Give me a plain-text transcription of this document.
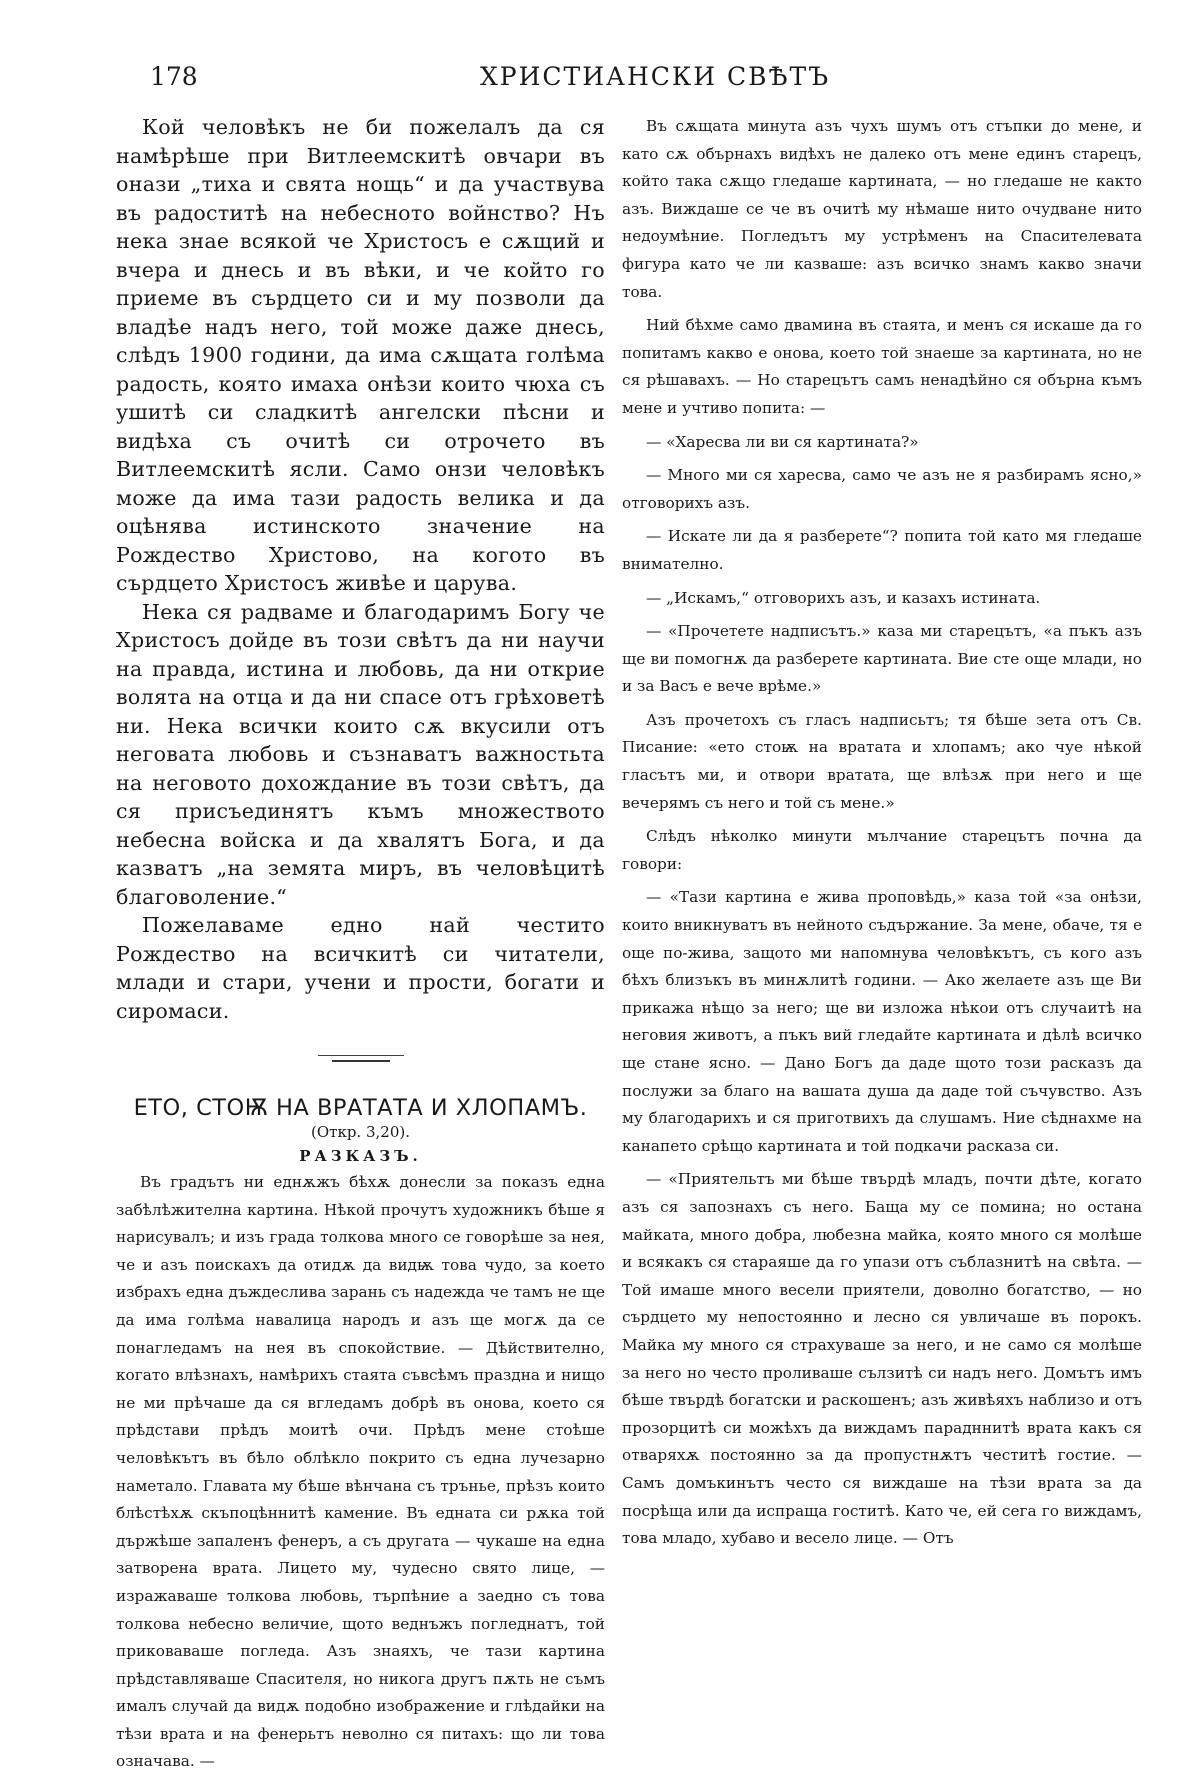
178	ХРИСТИАНСКИ СВѢТЪ

Кой человѣкъ не би пожелалъ да ся намѣрѣше при Витлеемскитѣ овчари въ онази „тиха и свята нощь“ и да участвува въ радоститѣ на небесното войнство? Нъ нека знае всякой че Христосъ е сѫщий и вчера и днесь и въ вѣки, и че който го приеме въ сърдцето си и му позволи да владѣе надъ него, той може даже днесь, слѣдъ 1900 години, да има сѫщата голѣма радость, която имаха онѣзи които чюха съ ушитѣ си сладкитѣ ангелски пѣсни и видѣха съ очитѣ си отрочето въ Витлеемскитѣ ясли. Само онзи человѣкъ може да има тази радость велика и да оцѣнява истинското значение на Рождество Христово, на когото въ сърдцето Христосъ живѣе и царува.

Нека ся радваме и благодаримъ Богу че Христосъ дойде въ този свѣтъ да ни научи на правда, истина и любовь, да ни открие волята на отца и да ни спасе отъ грѣховетѣ ни. Нека всички които сѫ вкусили отъ неговата любовь и съзнаватъ важностьта на неговото дохождание въ този свѣтъ, да ся присъединятъ къмъ множеството небесна войска и да хвалятъ Бога, и да казватъ „на земята миръ, въ человѣцитѣ благоволение.“

Пожелаваме едно най честито Рождество на всичкитѣ си читатели, млади и стари, учени и прости, богати и сиромаси.

ЕТО, СТОѬ НА ВРАТАТА И ХЛОПАМЪ.
(Откр. 3,20).
РАЗКАЗЪ.

Въ градътъ ни еднѫжъ бѣхѫ донесли за показъ една забѣлѣжителна картина. Нѣкой прочутъ художникъ бѣше я нарисувалъ; и изъ града толкова много се говорѣше за нея, че и азъ поискахъ да отидѫ да видѭ това чудо, за което избрахъ една дъждеслива зарань съ надежда че тамъ не ще да има голѣма навалица народъ и азъ ще могѫ да се понагледамъ на нея въ спокойствие. — Дѣйствително, когато влѣзнахъ, намѣрихъ стаята съвсѣмъ праздна и нищо не ми прѣчаше да ся вгледамъ добрѣ въ онова, което ся прѣдстави прѣдъ моитѣ очи. Прѣдъ мене стоѣше человѣкътъ въ бѣло облѣкло покрито съ една лучезарно наметало. Главата му бѣше вѣнчана съ трънье, прѣзъ които блѣстѣхѫ скъпоцѣннитѣ камение. Въ едната си рѫка той държѣше запаленъ фенеръ, а съ другата — чукаше на една затворена врата. Лицето му, чудесно свято лице, — изражаваше толкова любовь, търпѣние а заедно съ това толкова небесно величие, щото веднъжъ погледнатъ, той приковаваше погледа. Азъ знаяхъ, че тази картина прѣдставляваше Спасителя, но никога другъ пѫть не съмъ ималъ случай да видѫ подобно изображение и глѣдайки на тѣзи врата и на фенерьтъ неволно ся питахъ: що ли това означава. —

Въ сѫщата минута азъ чухъ шумъ отъ стъпки до мене, и като сѫ обърнахъ видѣхъ не далеко отъ мене единъ старецъ, който така сѫщо гледаше картината, — но гледаше не както азъ. Виждаше се че въ очитѣ му нѣмаше нито очудване нито недоумѣние. Погледътъ му устрѣменъ на Спасителевата фигура като че ли казваше: азъ всичко знамъ какво значи това.

Ний бѣхме само двамина въ стаята, и менъ ся искаше да го попитамъ какво е онова, което той знаеше за картината, но не ся рѣшавахъ. — Но старецътъ самъ ненадѣйно ся обърна къмъ мене и учтиво попита: —

— «Харесва ли ви ся картината?»

— Много ми ся харесва, само че азъ не я разбирамъ ясно,» отговорихъ азъ.

— Искате ли да я разберете“? попита той като мя гледаше внимателно.

— „Искамъ,“ отговорихъ азъ, и казахъ истината.

— «Прочетете надписътъ.» каза ми старецътъ, «а пъкъ азъ ще ви помогнѫ да разберете картината. Вие сте още млади, но и за Васъ е вече врѣме.»

Азъ прочетохъ съ гласъ надписьтъ; тя бѣше зета отъ Св. Писание: «ето стоѭ на вратата и хлопамъ; ако чуе нѣкой гласътъ ми, и отвори вратата, ще влѣзѫ при него и ще вечерямъ съ него и той съ мене.»

Слѣдъ нѣколко минути мълчание старецътъ почна да говори:

— «Тази картина е жива проповѣдь,» каза той «за онѣзи, които вникнуватъ въ нейното съдържание. За мене, обаче, тя е още по-жива, защото ми напомнува человѣкътъ, съ кого азъ бѣхъ близъкъ въ минѫлитѣ години. — Ако желаете азъ ще Ви прикажа нѣщо за него; ще ви изложа нѣкои отъ случаитѣ на неговия животъ, а пъкъ вий гледайте картината и дѣлѣ всичко ще стане ясно. — Дано Богъ да даде щото този расказъ да послужи за благо на вашата душа да даде той съчувство. Азъ му благодарихъ и ся приготвихъ да слушамъ. Ние сѣднахме на канапето срѣщо картината и той подкачи расказа си.

— «Приятельтъ ми бѣше твърдѣ младъ, почти дѣте, когато азъ ся запознахъ съ него. Баща му се помина; но остана майката, много добра, любезна майка, която много ся молѣше и всякакъ ся стараяше да го упази отъ съблазнитѣ на свѣта. — Той имаше много весели приятели, доволно богатство, — но сърдцето му непостоянно и лесно ся увличаше въ порокъ. Майка му много ся страхуваше за него, и не само ся молѣше за него но често проливаше сълзитѣ си надъ него. Домътъ имъ бѣше твърдѣ богатски и раскошенъ; азъ живѣяхъ наблизо и отъ прозорцитѣ си можѣхъ да виждамъ парадннитѣ врата какъ ся отваряхѫ постоянно за да пропустнѫтъ честитѣ гостие. — Самъ домъкинътъ често ся виждаше на тѣзи врата за да посрѣща или да испраща гоститѣ. Като че, ей сега го виждамъ, това младо, хубаво и весело лице. — Отъ
